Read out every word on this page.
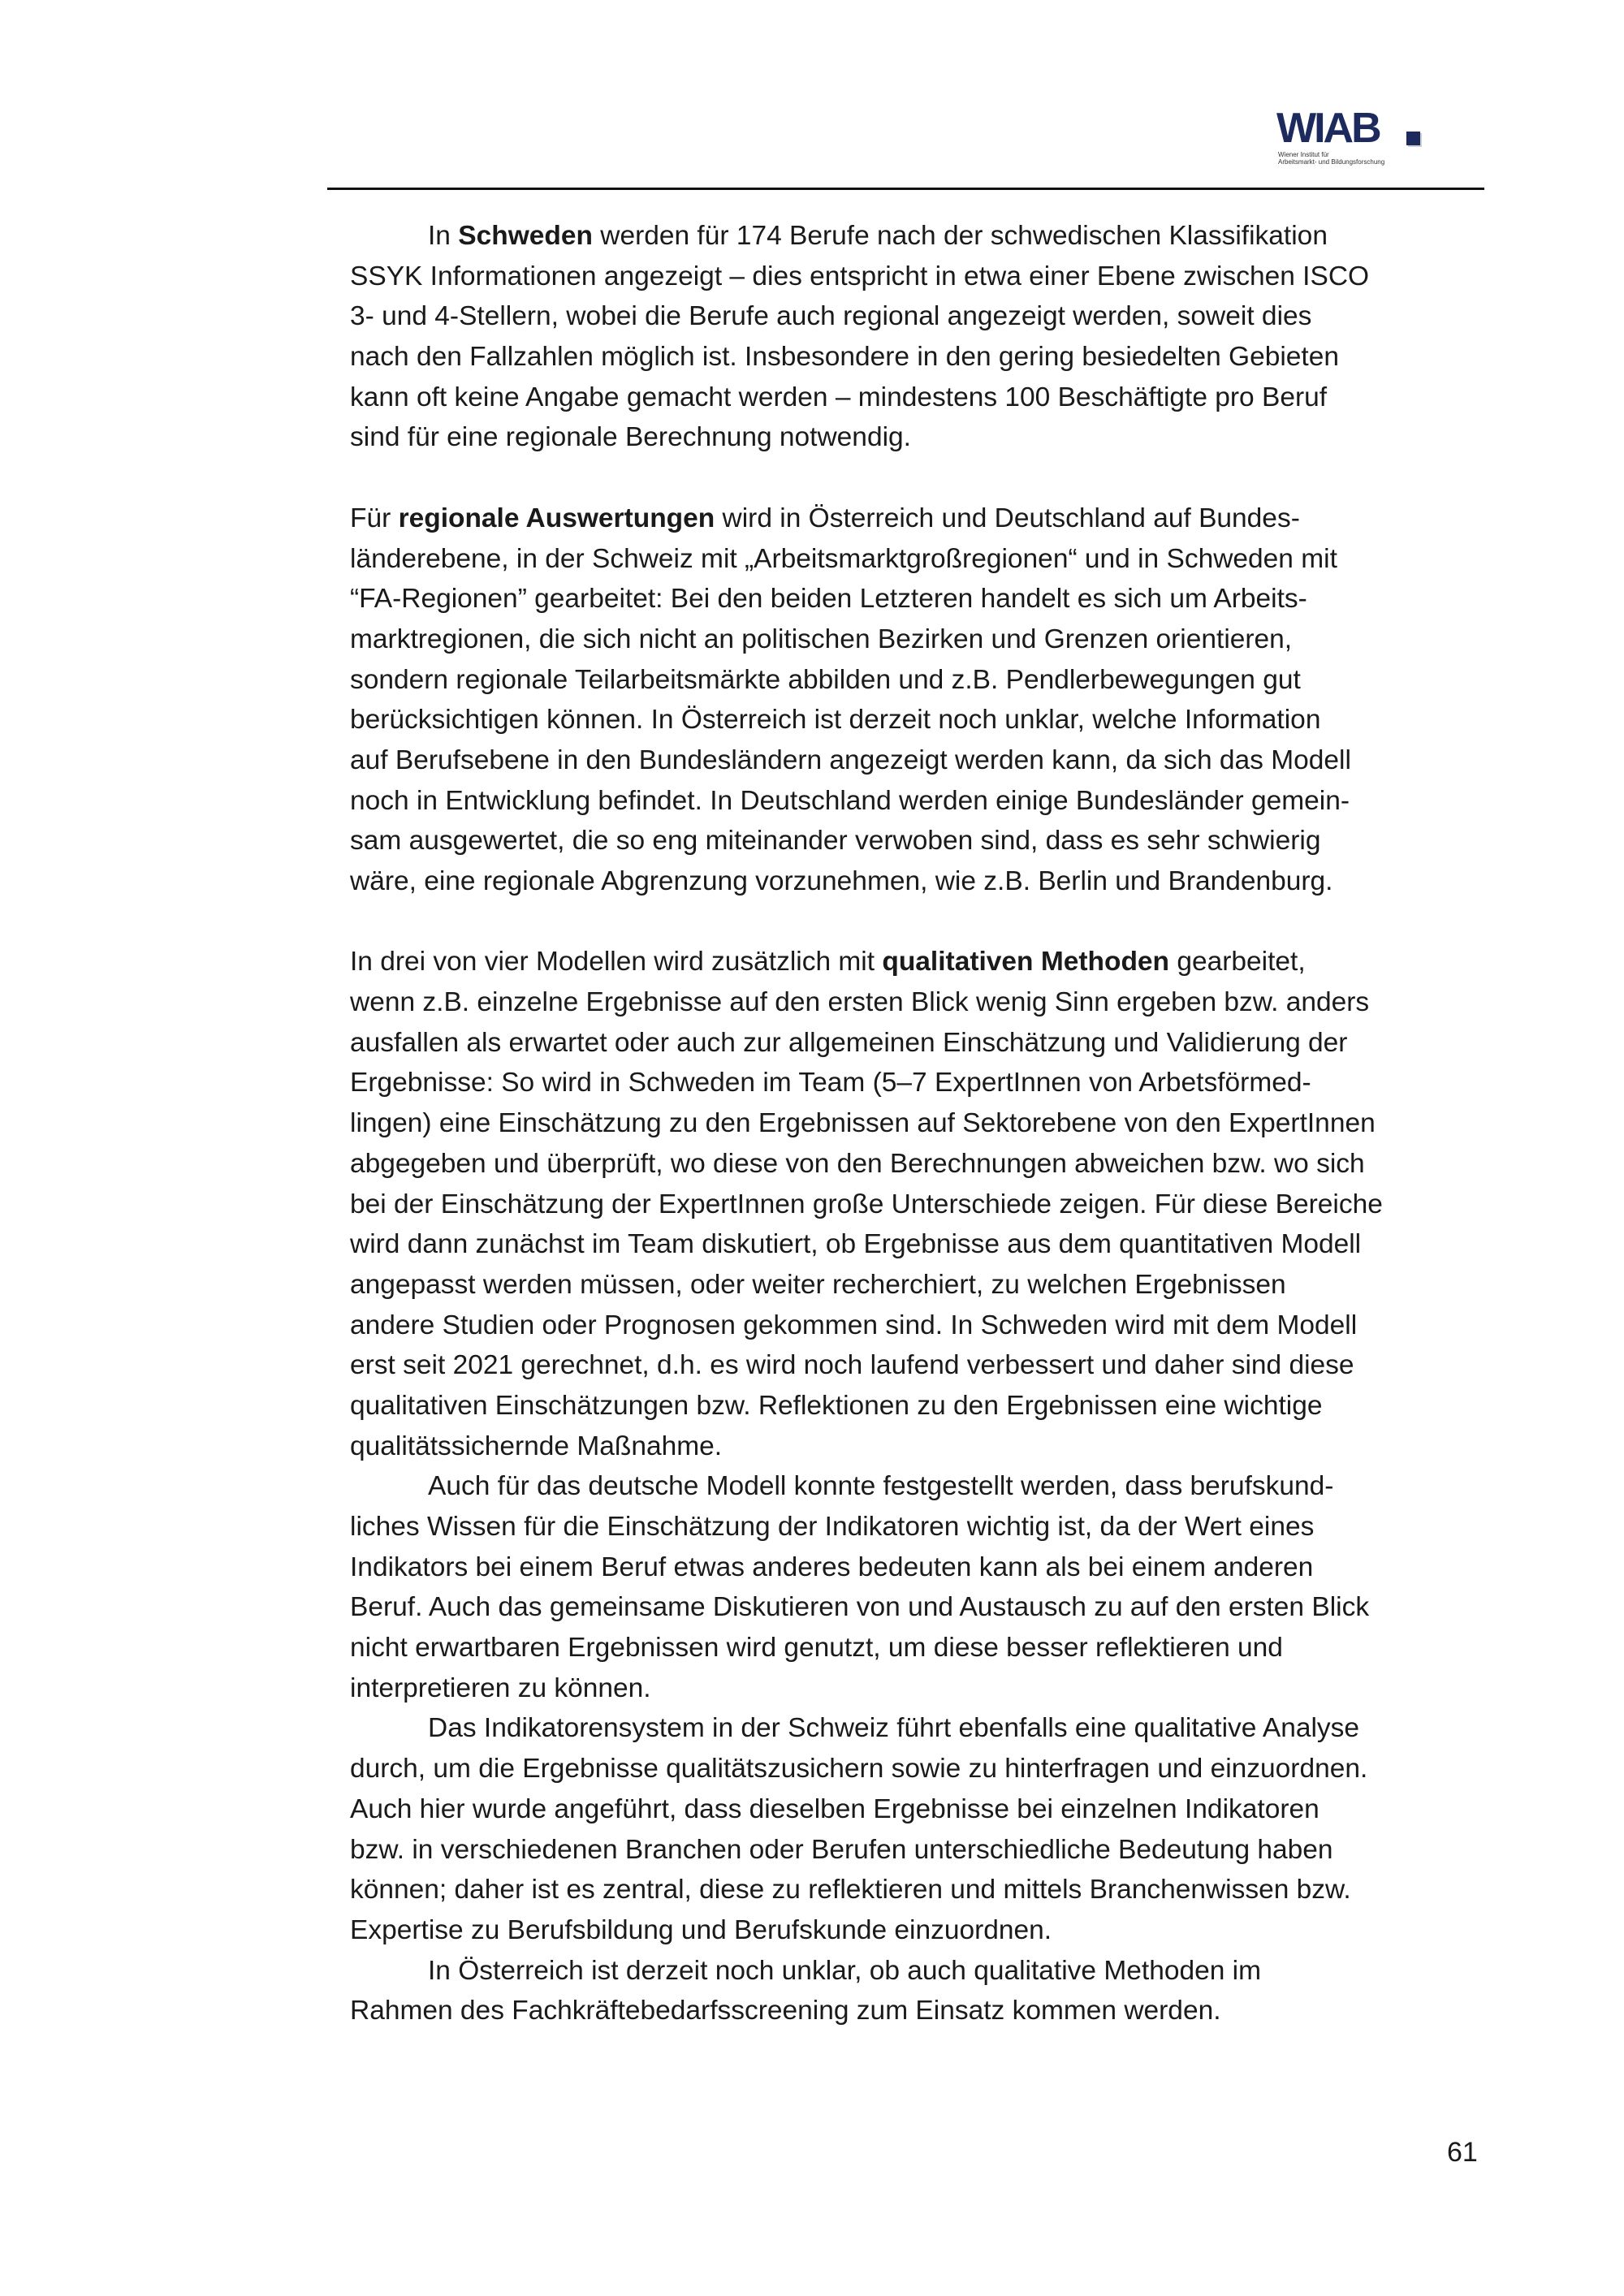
WIAB
Wiener Institut für
Arbeitsmarkt- und Bildungsforschung
In Schweden werden für 174 Berufe nach der schwedischen Klassifikation
SSYK Informationen angezeigt – dies entspricht in etwa einer Ebene zwischen ISCO
3- und 4-Stellern, wobei die Berufe auch regional angezeigt werden, soweit dies
nach den Fallzahlen möglich ist. Insbesondere in den gering besiedelten Gebieten
kann oft keine Angabe gemacht werden – mindestens 100 Beschäftigte pro Beruf
sind für eine regionale Berechnung notwendig.
Für regionale Auswertungen wird in Österreich und Deutschland auf Bundes-
länderebene, in der Schweiz mit „Arbeitsmarktgroßregionen“ und in Schweden mit
“FA-Regionen” gearbeitet: Bei den beiden Letzteren handelt es sich um Arbeits-
marktregionen, die sich nicht an politischen Bezirken und Grenzen orientieren,
sondern regionale Teilarbeitsmärkte abbilden und z.B. Pendlerbewegungen gut
berücksichtigen können. In Österreich ist derzeit noch unklar, welche Information
auf Berufsebene in den Bundesländern angezeigt werden kann, da sich das Modell
noch in Entwicklung befindet. In Deutschland werden einige Bundesländer gemein-
sam ausgewertet, die so eng miteinander verwoben sind, dass es sehr schwierig
wäre, eine regionale Abgrenzung vorzunehmen, wie z.B. Berlin und Brandenburg.
In drei von vier Modellen wird zusätzlich mit qualitativen Methoden gearbeitet,
wenn z.B. einzelne Ergebnisse auf den ersten Blick wenig Sinn ergeben bzw. anders
ausfallen als erwartet oder auch zur allgemeinen Einschätzung und Validierung der
Ergebnisse: So wird in Schweden im Team (5–7 ExpertInnen von Arbetsförmed-
lingen) eine Einschätzung zu den Ergebnissen auf Sektorebene von den ExpertInnen
abgegeben und überprüft, wo diese von den Berechnungen abweichen bzw. wo sich
bei der Einschätzung der ExpertInnen große Unterschiede zeigen. Für diese Bereiche
wird dann zunächst im Team diskutiert, ob Ergebnisse aus dem quantitativen Modell
angepasst werden müssen, oder weiter recherchiert, zu welchen Ergebnissen
andere Studien oder Prognosen gekommen sind. In Schweden wird mit dem Modell
erst seit 2021 gerechnet, d.h. es wird noch laufend verbessert und daher sind diese
qualitativen Einschätzungen bzw. Reflektionen zu den Ergebnissen eine wichtige
qualitätssichernde Maßnahme.
Auch für das deutsche Modell konnte festgestellt werden, dass berufskund-
liches Wissen für die Einschätzung der Indikatoren wichtig ist, da der Wert eines
Indikators bei einem Beruf etwas anderes bedeuten kann als bei einem anderen
Beruf. Auch das gemeinsame Diskutieren von und Austausch zu auf den ersten Blick
nicht erwartbaren Ergebnissen wird genutzt, um diese besser reflektieren und
interpretieren zu können.
Das Indikatorensystem in der Schweiz führt ebenfalls eine qualitative Analyse
durch, um die Ergebnisse qualitätszusichern sowie zu hinterfragen und einzuordnen.
Auch hier wurde angeführt, dass dieselben Ergebnisse bei einzelnen Indikatoren
bzw. in verschiedenen Branchen oder Berufen unterschiedliche Bedeutung haben
können; daher ist es zentral, diese zu reflektieren und mittels Branchenwissen bzw.
Expertise zu Berufsbildung und Berufskunde einzuordnen.
In Österreich ist derzeit noch unklar, ob auch qualitative Methoden im
Rahmen des Fachkräftebedarfsscreening zum Einsatz kommen werden.
61
